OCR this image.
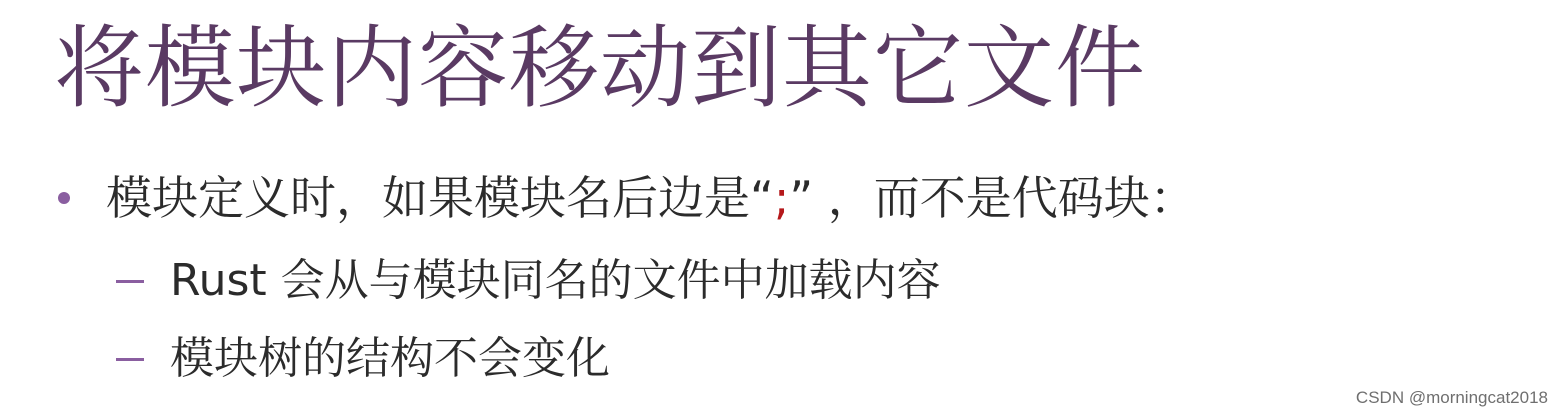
将模块内容移动到其它文件
模块定义时，如果模块名后边是“;” ，而不是代码块：
Rust 会从与模块同名的文件中加载内容
模块树的结构不会变化
CSDN @morningcat2018
